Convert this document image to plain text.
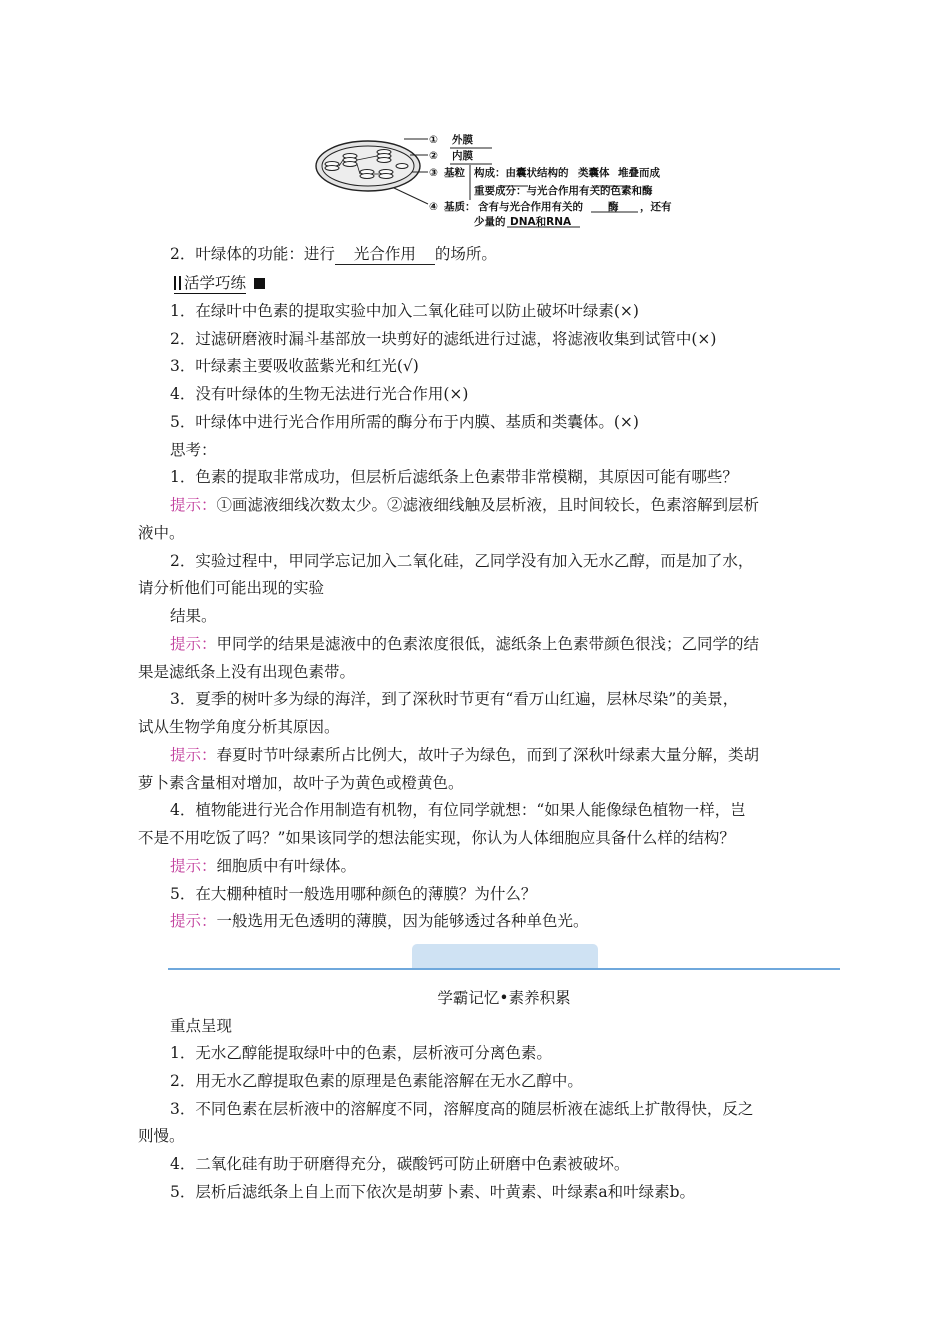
① 外膜
② 内膜
③ 基粒 构成：由囊状结构的 类囊体 堆叠而成
重要成分：与光合作用有关的色素和酶
④ 基质： 含有与光合作用有关的 酶 ，还有
少量的 DNA和RNA
2．叶绿体的功能：进行 光合作用 的场所。
活学巧练
1．在绿叶中色素的提取实验中加入二氧化硅可以防止破坏叶绿素(×)
2．过滤研磨液时漏斗基部放一块剪好的滤纸进行过滤，将滤液收集到试管中(×)
3．叶绿素主要吸收蓝紫光和红光(√)
4．没有叶绿体的生物无法进行光合作用(×)
5．叶绿体中进行光合作用所需的酶分布于内膜、基质和类囊体。(×)
思考：
1．色素的提取非常成功，但层析后滤纸条上色素带非常模糊，其原因可能有哪些？
提示：①画滤液细线次数太少。②滤液细线触及层析液，且时间较长，色素溶解到层析
液中。
2．实验过程中，甲同学忘记加入二氧化硅，乙同学没有加入无水乙醇，而是加了水，
请分析他们可能出现的实验
结果。
提示：甲同学的结果是滤液中的色素浓度很低，滤纸条上色素带颜色很浅；乙同学的结
果是滤纸条上没有出现色素带。
3．夏季的树叶多为绿的海洋，到了深秋时节更有“看万山红遍，层林尽染”的美景，
试从生物学角度分析其原因。
提示：春夏时节叶绿素所占比例大，故叶子为绿色，而到了深秋叶绿素大量分解，类胡
萝卜素含量相对增加，故叶子为黄色或橙黄色。
4．植物能进行光合作用制造有机物，有位同学就想：“如果人能像绿色植物一样，岂
不是不用吃饭了吗？”如果该同学的想法能实现，你认为人体细胞应具备什么样的结构？
提示：细胞质中有叶绿体。
5．在大棚种植时一般选用哪种颜色的薄膜？为什么？
提示：一般选用无色透明的薄膜，因为能够透过各种单色光。
学霸记忆•素养积累
重点呈现
1．无水乙醇能提取绿叶中的色素，层析液可分离色素。
2．用无水乙醇提取色素的原理是色素能溶解在无水乙醇中。
3．不同色素在层析液中的溶解度不同，溶解度高的随层析液在滤纸上扩散得快，反之
则慢。
4．二氧化硅有助于研磨得充分，碳酸钙可防止研磨中色素被破坏。
5．层析后滤纸条上自上而下依次是胡萝卜素、叶黄素、叶绿素a和叶绿素b。
